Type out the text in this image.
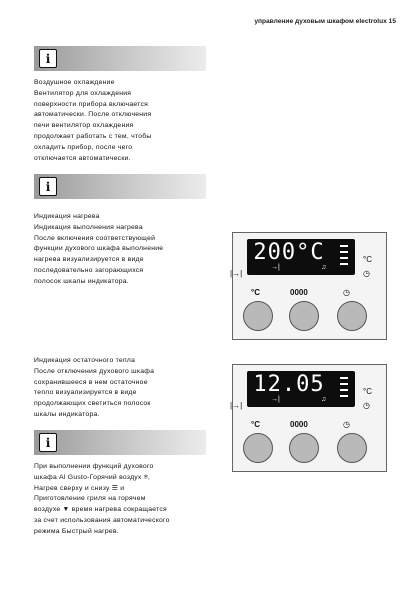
управление духовым шкафом electrolux 15
i
Воздушное охлаждение
Вентилятор для охлаждения
поверхности прибора включается
автоматически. После отключения
печи вентилятор охлаждения
продолжает работать с тем, чтобы
охладить прибор, после чего
отключается автоматически.
i
Индикация нагрева
Индикация выполнения нагрева
После включения соответствующей
функции духового шкафа выполнение
нагрева визуализируется в виде
последовательно загорающихся
полосок шкалы индикатора.
200°C
→|	♫
°C
◷
|→|
°C	0000	◷
Индикация остаточного тепла
После отключения духового шкафа
сохранившееся в нем остаточное
тепло визуализируется в виде
продолжающих светиться полосок
шкалы индикатора.
12.05
→|	♫
°C
◷
|→|
°C	0000	◷
i
При выполнении функций духового
шкафа Al Gusto-Горячий воздух ⍟,
Нагрев сверху и снизу ☰ и
Приготовление гриля на горячем
воздухе ▼ время нагрева сокращается
за счет использования автоматического
режима Быстрый нагрев.
